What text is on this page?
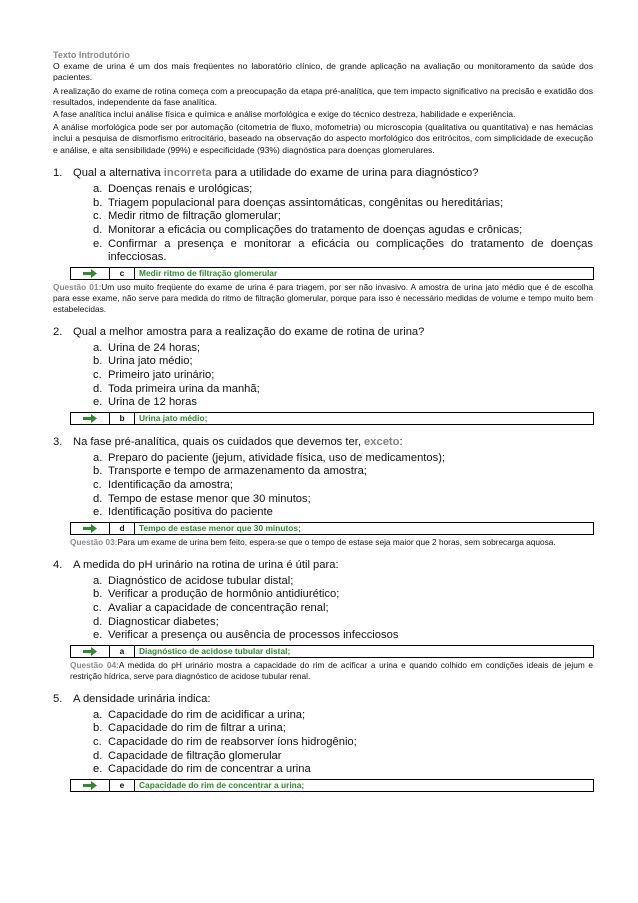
Texto Introdutório

O exame de urina é um dos mais freqüentes no laboratório clínico, de grande aplicação na avaliação ou monitoramento da saúde dos pacientes.

A realização do exame de rotina começa com a preocupação da etapa pré-analítica, que tem impacto significativo na precisão e exatidão dos resultados, independente da fase analítica.

A fase analítica inclui análise física e química e análise morfológica e exige do técnico destreza, habilidade e experiência.

A análise morfológica pode ser por automação (citometria de fluxo, mofometria) ou microscopia (qualitativa ou quantitativa) e nas hemácias inclui a pesquisa de dismorfismo eritrocitário, baseado na observação do aspecto morfológico dos eritrócitos, com simplicidade de execução e análise, e alta sensibilidade (99%) e especificidade (93%) diagnóstica para doenças glomerulares.

1. Qual a alternativa incorreta para a utilidade do exame de urina para diagnóstico?
a. Doenças renais e urológicas;
b. Triagem populacional para doenças assintomáticas, congênitas ou hereditárias;
c. Medir ritmo de filtração glomerular;
d. Monitorar a eficácia ou complicações do tratamento de doenças agudas e crônicas;
e. Confirmar a presença e monitorar a eficácia ou complicações do tratamento de doenças infecciosas.
c	Medir ritmo de filtração glomerular
Questão 01:Um uso muito freqüente do exame de urina é para triagem, por ser não invasivo. A amostra de urina jato médio que é de escolha para esse exame, não serve para medida do ritmo de filtração glomerular, porque para isso é necessário medidas de volume e tempo muito bem estabelecidas.
2. Qual a melhor amostra para a realização do exame de rotina de urina?
a. Urina de 24 horas;
b. Urina jato médio;
c. Primeiro jato urinário;
d. Toda primeira urina da manhã;
e. Urina de 12 horas
b	Urina jato médio;
3. Na fase pré-analítica, quais os cuidados que devemos ter, exceto:
a. Preparo do paciente (jejum, atividade física, uso de medicamentos);
b. Transporte e tempo de armazenamento da amostra;
c. Identificação da amostra;
d. Tempo de estase menor que 30 minutos;
e. Identificação positiva do paciente
d	Tempo de estase menor que 30 minutos;
Questão 03:Para um exame de urina bem feito, espera-se que o tempo de estase seja maior que 2 horas, sem sobrecarga aquosa.
4. A medida do pH urinário na rotina de urina é útil para:
a. Diagnóstico de acidose tubular distal;
b. Verificar a produção de hormônio antidiurético;
c. Avaliar a capacidade de concentração renal;
d. Diagnosticar diabetes;
e. Verificar a presença ou ausência de processos infecciosos
a	Diagnóstico de acidose tubular distal;
Questão 04:A medida do pH urinário mostra a capacidade do rim de acificar a urina e quando colhido em condições ideais de jejum e restrição hídrica, serve para diagnóstico de acidose tubular renal.
5. A densidade urinária indica:
a. Capacidade do rim de acidificar a urina;
b. Capacidade do rim de filtrar a urina;
c. Capacidade do rim de reabsorver íons hidrogênio;
d. Capacidade de filtração glomerular
e. Capacidade do rim de concentrar a urina
e	Capacidade do rim de concentrar a urina;
